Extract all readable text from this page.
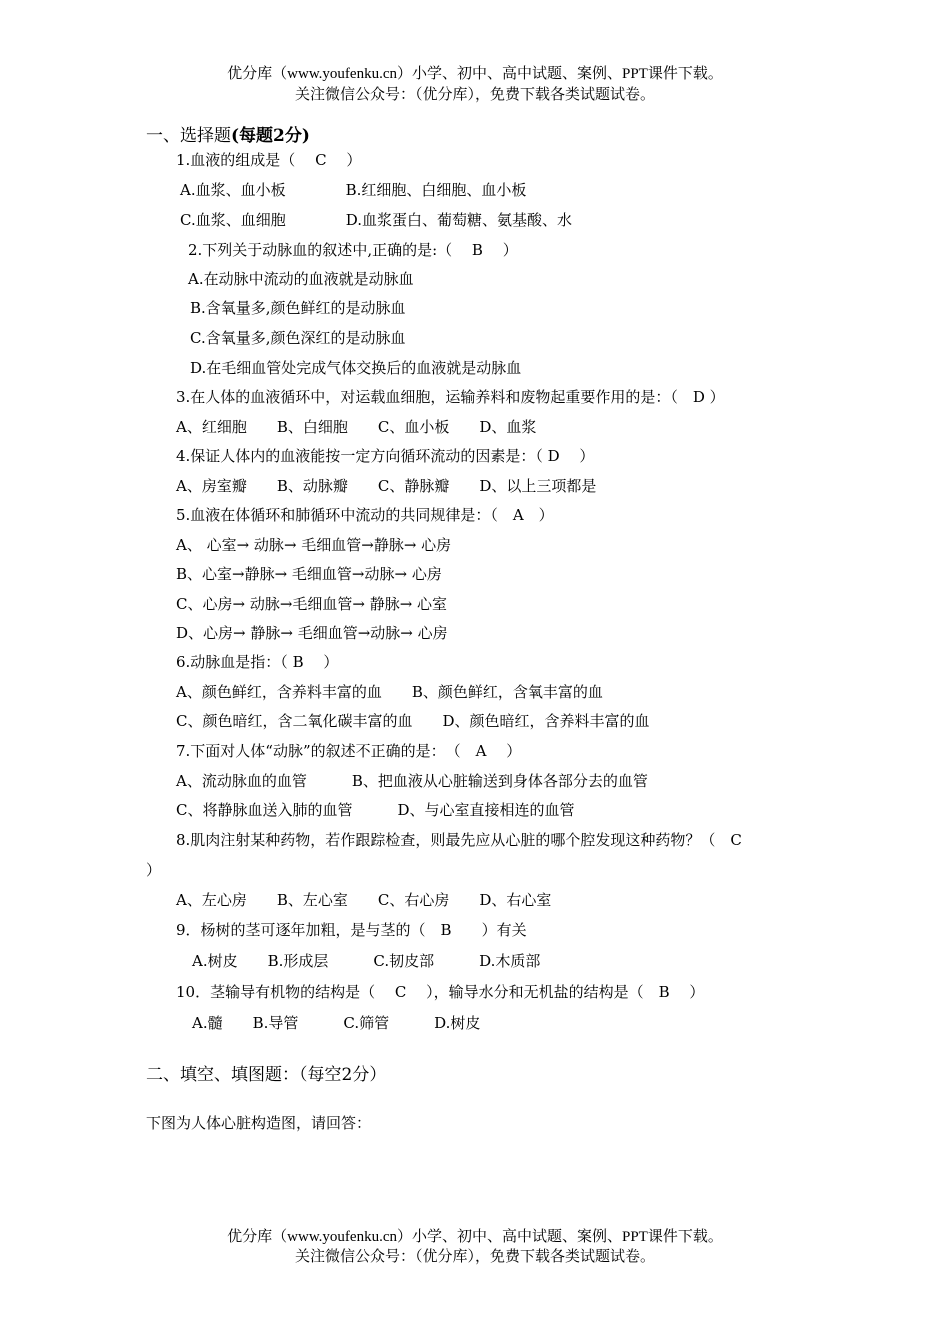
优分库（www.youfenku.cn）小学、初中、高中试题、案例、PPT课件下载。
关注微信公众号：（优分库），免费下载各类试题试卷。
一、选择题(每题2分)
1.血液的组成是（　 C　 ）
A.血浆、血小板　　　　B.红细胞、白细胞、血小板
C.血浆、血细胞　　　　D.血浆蛋白、葡萄糖、氨基酸、水
2.下列关于动脉血的叙述中,正确的是:（　 B　 ）
A.在动脉中流动的血液就是动脉血
B.含氧量多,颜色鲜红的是动脉血
C.含氧量多,颜色深红的是动脉血
D.在毛细血管处完成气体交换后的血液就是动脉血
3.在人体的血液循环中，对运载血细胞，运输养料和废物起重要作用的是：（　D ）
A、红细胞　　B、白细胞　　C、血小板　　D、血浆
4.保证人体内的血液能按一定方向循环流动的因素是：（ D　 ）
A、房室瓣　　B、动脉瓣　　C、静脉瓣　　D、以上三项都是
5.血液在体循环和肺循环中流动的共同规律是：（　A　）
A、 心室→ 动脉→ 毛细血管→静脉→ 心房
B、心室→静脉→ 毛细血管→动脉→ 心房
C、心房→ 动脉→毛细血管→ 静脉→ 心室
D、心房→ 静脉→ 毛细血管→动脉→ 心房
6.动脉血是指：（ B　 ）
A、颜色鲜红，含养料丰富的血　　B、颜色鲜红，含氧丰富的血
C、颜色暗红，含二氧化碳丰富的血　　D、颜色暗红，含养料丰富的血
7.下面对人体“动脉”的叙述不正确的是：　（　A　 ）
A、流动脉血的血管　　　B、把血液从心脏输送到身体各部分去的血管
C、将静脉血送入肺的血管　　　D、与心室直接相连的血管
8.肌肉注射某种药物，若作跟踪检查，则最先应从心脏的哪个腔发现这种药物？（　C
）
A、左心房　　B、左心室　　C、右心房　　D、右心室
9．杨树的茎可逐年加粗，是与茎的（　B　　）有关
A.树皮　　B.形成层　　　C.韧皮部　　　D.木质部
10．茎输导有机物的结构是（　 C　 ），输导水分和无机盐的结构是（　B　 ）
A.髓　　B.导管　　　C.筛管　　　D.树皮
二、填空、填图题：（每空2分）
下图为人体心脏构造图，请回答：
优分库（www.youfenku.cn）小学、初中、高中试题、案例、PPT课件下载。
关注微信公众号：（优分库），免费下载各类试题试卷。
